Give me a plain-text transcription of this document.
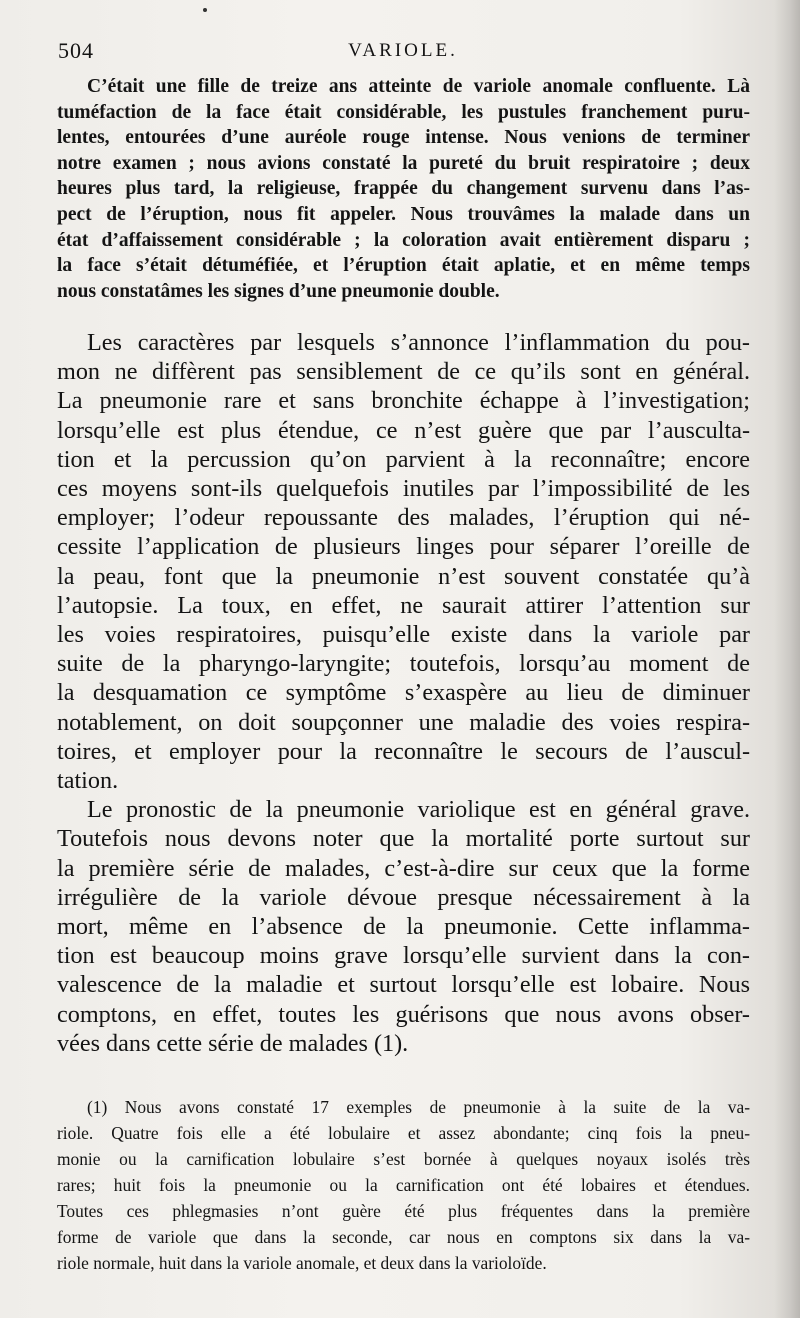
504	VARIOLE.

C’était une fille de treize ans atteinte de variole anomale confluente. Là

tuméfaction de la face était considérable, les pustules franchement puru-

lentes, entourées d’une auréole rouge intense. Nous venions de terminer

notre examen ; nous avions constaté la pureté du bruit respiratoire ; deux

heures plus tard, la religieuse, frappée du changement survenu dans l’as-

pect de l’éruption, nous fit appeler. Nous trouvâmes la malade dans un

état d’affaissement considérable ; la coloration avait entièrement disparu ;

la face s’était détuméfiée, et l’éruption était aplatie, et en même temps

nous constatâmes les signes d’une pneumonie double.

Les caractères par lesquels s’annonce l’inflammation du pou-

mon ne diffèrent pas sensiblement de ce qu’ils sont en général.

La pneumonie rare et sans bronchite échappe à l’investigation;

lorsqu’elle est plus étendue, ce n’est guère que par l’ausculta-

tion et la percussion qu’on parvient à la reconnaître; encore

ces moyens sont-ils quelquefois inutiles par l’impossibilité de les

employer; l’odeur repoussante des malades, l’éruption qui né-

cessite l’application de plusieurs linges pour séparer l’oreille de

la peau, font que la pneumonie n’est souvent constatée qu’à

l’autopsie. La toux, en effet, ne saurait attirer l’attention sur

les voies respiratoires, puisqu’elle existe dans la variole par

suite de la pharyngo-laryngite; toutefois, lorsqu’au moment de

la desquamation ce symptôme s’exaspère au lieu de diminuer

notablement, on doit soupçonner une maladie des voies respira-

toires, et employer pour la reconnaître le secours de l’auscul-

tation.

Le pronostic de la pneumonie variolique est en général grave.

Toutefois nous devons noter que la mortalité porte surtout sur

la première série de malades, c’est-à-dire sur ceux que la forme

irrégulière de la variole dévoue presque nécessairement à la

mort, même en l’absence de la pneumonie. Cette inflamma-

tion est beaucoup moins grave lorsqu’elle survient dans la con-

valescence de la maladie et surtout lorsqu’elle est lobaire. Nous

comptons, en effet, toutes les guérisons que nous avons obser-

vées dans cette série de malades (1).

(1) Nous avons constaté 17 exemples de pneumonie à la suite de la va-

riole. Quatre fois elle a été lobulaire et assez abondante; cinq fois la pneu-

monie ou la carnification lobulaire s’est bornée à quelques noyaux isolés très

rares; huit fois la pneumonie ou la carnification ont été lobaires et étendues.

Toutes ces phlegmasies n’ont guère été plus fréquentes dans la première

forme de variole que dans la seconde, car nous en comptons six dans la va-

riole normale, huit dans la variole anomale, et deux dans la varioloïde.
